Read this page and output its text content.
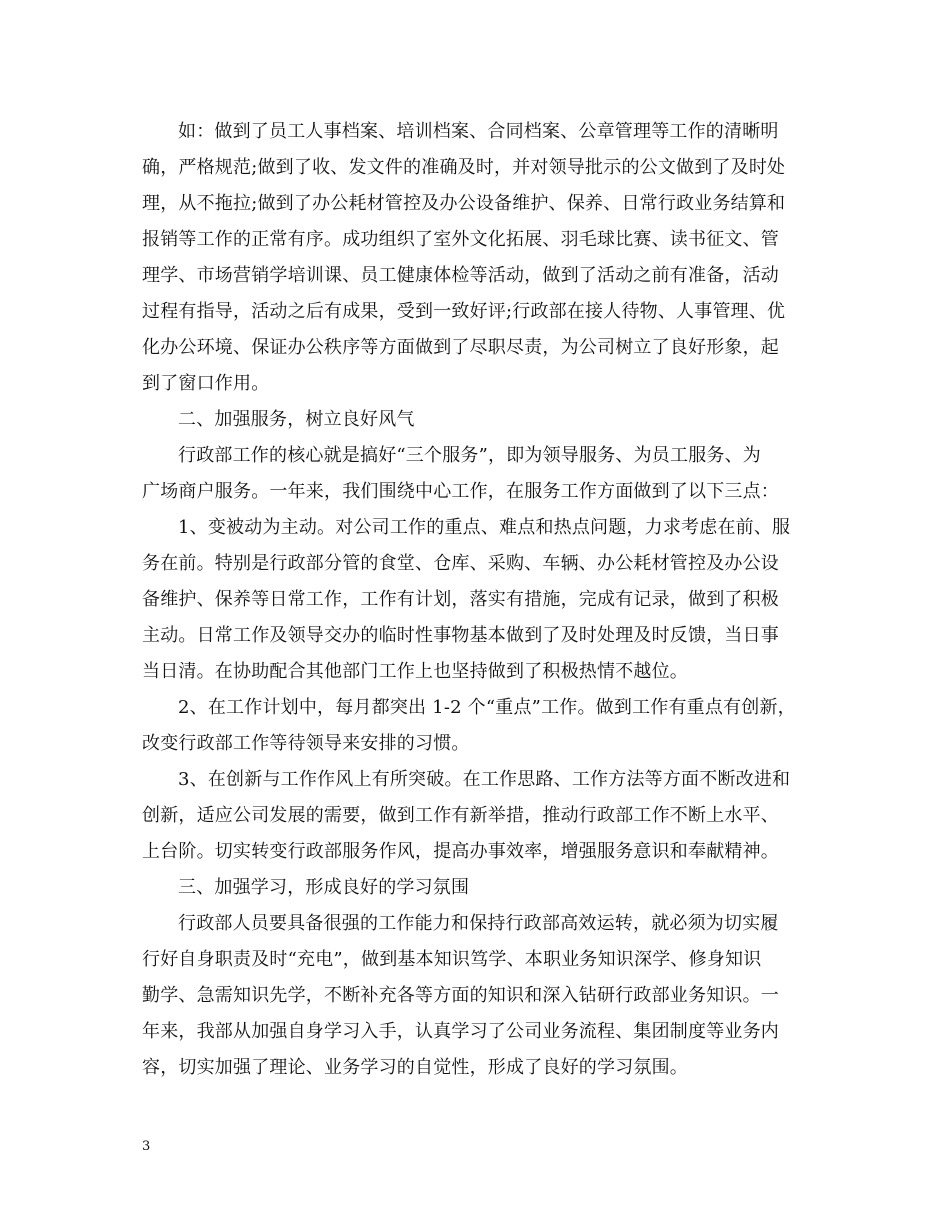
如：做到了员工人事档案、培训档案、合同档案、公章管理等工作的清晰明
确，严格规范;做到了收、发文件的准确及时，并对领导批示的公文做到了及时处
理，从不拖拉;做到了办公耗材管控及办公设备维护、保养、日常行政业务结算和
报销等工作的正常有序。成功组织了室外文化拓展、羽毛球比赛、读书征文、管
理学、市场营销学培训课、员工健康体检等活动，做到了活动之前有准备，活动
过程有指导，活动之后有成果，受到一致好评;行政部在接人待物、人事管理、优
化办公环境、保证办公秩序等方面做到了尽职尽责，为公司树立了良好形象，起
到了窗口作用。
二、加强服务，树立良好风气
行政部工作的核心就是搞好“三个服务”，即为领导服务、为员工服务、为
广场商户服务。一年来，我们围绕中心工作，在服务工作方面做到了以下三点：
1、变被动为主动。对公司工作的重点、难点和热点问题，力求考虑在前、服
务在前。特别是行政部分管的食堂、仓库、采购、车辆、办公耗材管控及办公设
备维护、保养等日常工作，工作有计划，落实有措施，完成有记录，做到了积极
主动。日常工作及领导交办的临时性事物基本做到了及时处理及时反馈，当日事
当日清。在协助配合其他部门工作上也坚持做到了积极热情不越位。
2、在工作计划中，每月都突出 1-2 个“重点”工作。做到工作有重点有创新，
改变行政部工作等待领导来安排的习惯。
3、在创新与工作作风上有所突破。在工作思路、工作方法等方面不断改进和
创新，适应公司发展的需要，做到工作有新举措，推动行政部工作不断上水平、
上台阶。切实转变行政部服务作风，提高办事效率，增强服务意识和奉献精神。
三、加强学习，形成良好的学习氛围
行政部人员要具备很强的工作能力和保持行政部高效运转，就必须为切实履
行好自身职责及时“充电”，做到基本知识笃学、本职业务知识深学、修身知识
勤学、急需知识先学，不断补充各等方面的知识和深入钻研行政部业务知识。一
年来，我部从加强自身学习入手，认真学习了公司业务流程、集团制度等业务内
容，切实加强了理论、业务学习的自觉性，形成了良好的学习氛围。
3
